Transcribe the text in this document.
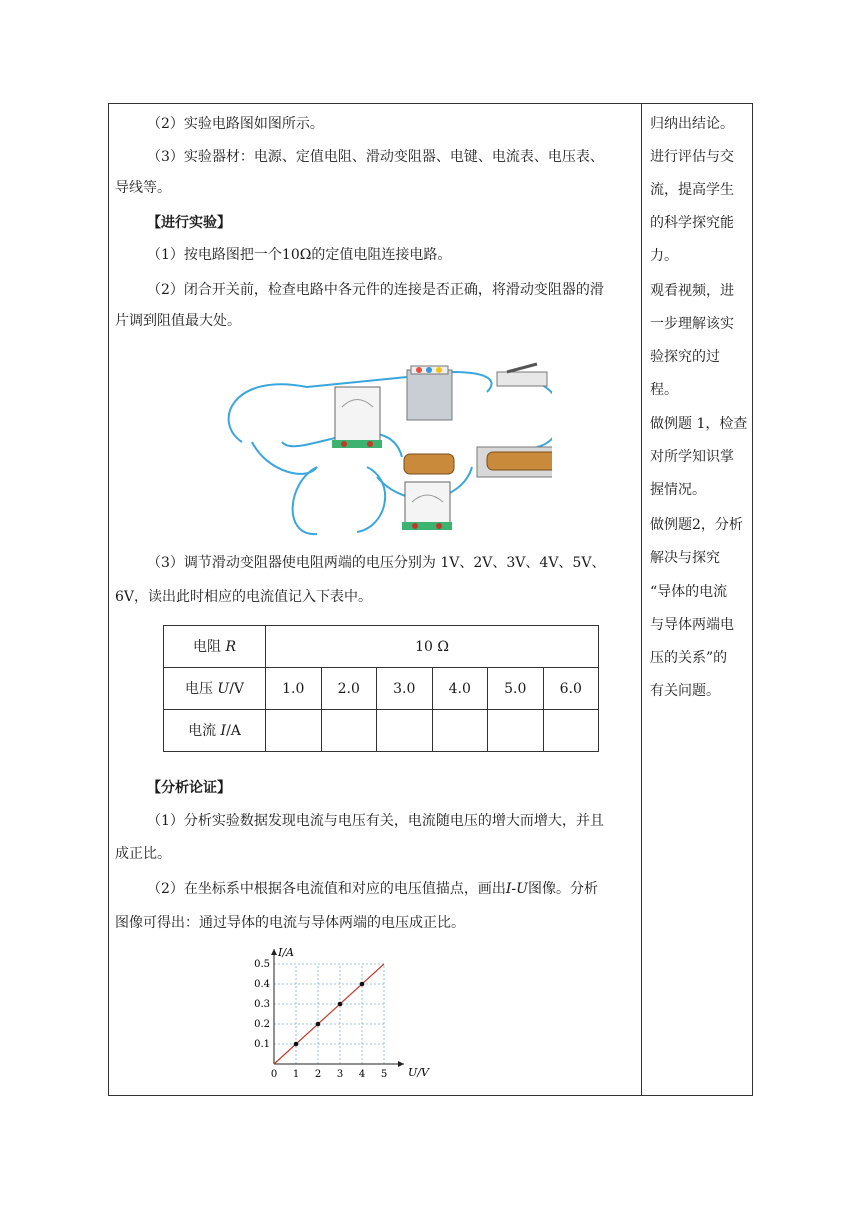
（2）实验电路图如图所示。
（3）实验器材：电源、定值电阻、滑动变阻器、电键、电流表、电压表、
导线等。
【进行实验】
（1）按电路图把一个10Ω的定值电阻连接电路。
（2）闭合开关前，检查电路中各元件的连接是否正确，将滑动变阻器的滑
片调到阻值最大处。
（3）调节滑动变阻器使电阻两端的电压分别为 1V、2V、3V、4V、5V、
6V，读出此时相应的电流值记入下表中。
电阻 R	10 Ω					
电压 U/V	1.0	2.0	3.0	4.0	5.0	6.0
电流 I/A						
【分析论证】
（1）分析实验数据发现电流与电压有关，电流随电压的增大而增大，并且
成正比。
（2）在坐标系中根据各电流值和对应的电压值描点，画出I-U图像。分析
图像可得出：通过导体的电流与导体两端的电压成正比。
0 1 2 3 4 5
0.1
0.2
0.3
0.4
0.5
I/A
U/V
归纳出结论。
进行评估与交
流，提高学生
的科学探究能
力。
观看视频，进
一步理解该实
验探究的过
程。
做例题 1，检查
对所学知识掌
握情况。
做例题2，分析
解决与探究
“导体的电流
与导体两端电
压的关系”的
有关问题。
